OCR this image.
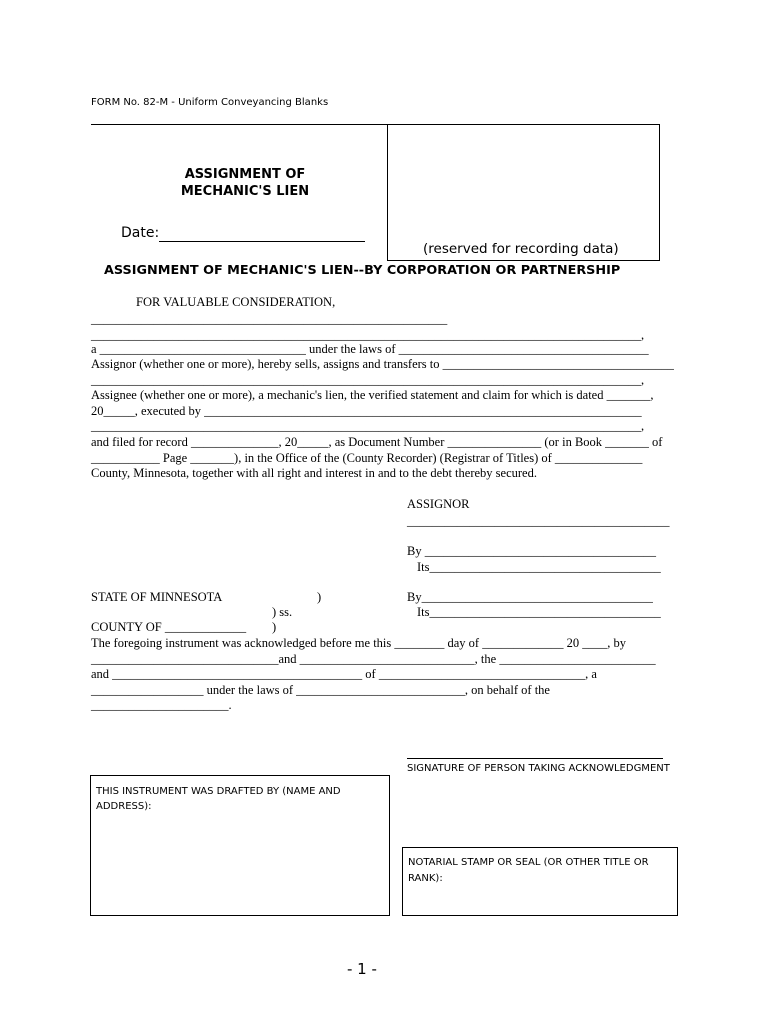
FORM No. 82-M - Uniform Conveyancing Blanks
(reserved for recording data)
ASSIGNMENT OF
MECHANIC'S LIEN
Date:
ASSIGNMENT OF MECHANIC'S LIEN--BY CORPORATION OR PARTNERSHIP
FOR VALUABLE CONSIDERATION,
_________________________________________________________
________________________________________________________________________________________,
a _________________________________ under the laws of ________________________________________
Assignor (whether one or more), hereby sells, assigns and transfers to _____________________________________
________________________________________________________________________________________,
Assignee (whether one or more), a mechanic's lien, the verified statement and claim for which is dated _______,
20_____, executed by ______________________________________________________________________
________________________________________________________________________________________,
and filed for record ______________, 20_____, as Document Number _______________ (or in Book _______ of
___________ Page _______), in the Office of the (County Recorder) (Registrar of Titles) of ______________
County, Minnesota, together with all right and interest in and to the debt thereby secured.
ASSIGNOR
__________________________________________
By _____________________________________
Its_____________________________________
By_____________________________________
Its_____________________________________
STATE OF MINNESOTA	)
) ss.
COUNTY OF _____________ )
The foregoing instrument was acknowledged before me this ________ day of _____________ 20 ____, by
______________________________and ____________________________, the _________________________
and ________________________________________ of _________________________________, a
__________________ under the laws of ___________________________, on behalf of the
______________________.
SIGNATURE OF PERSON TAKING ACKNOWLEDGMENT
THIS INSTRUMENT WAS DRAFTED BY (NAME AND
ADDRESS):
NOTARIAL STAMP OR SEAL (OR OTHER TITLE OR
RANK):
- 1 -
